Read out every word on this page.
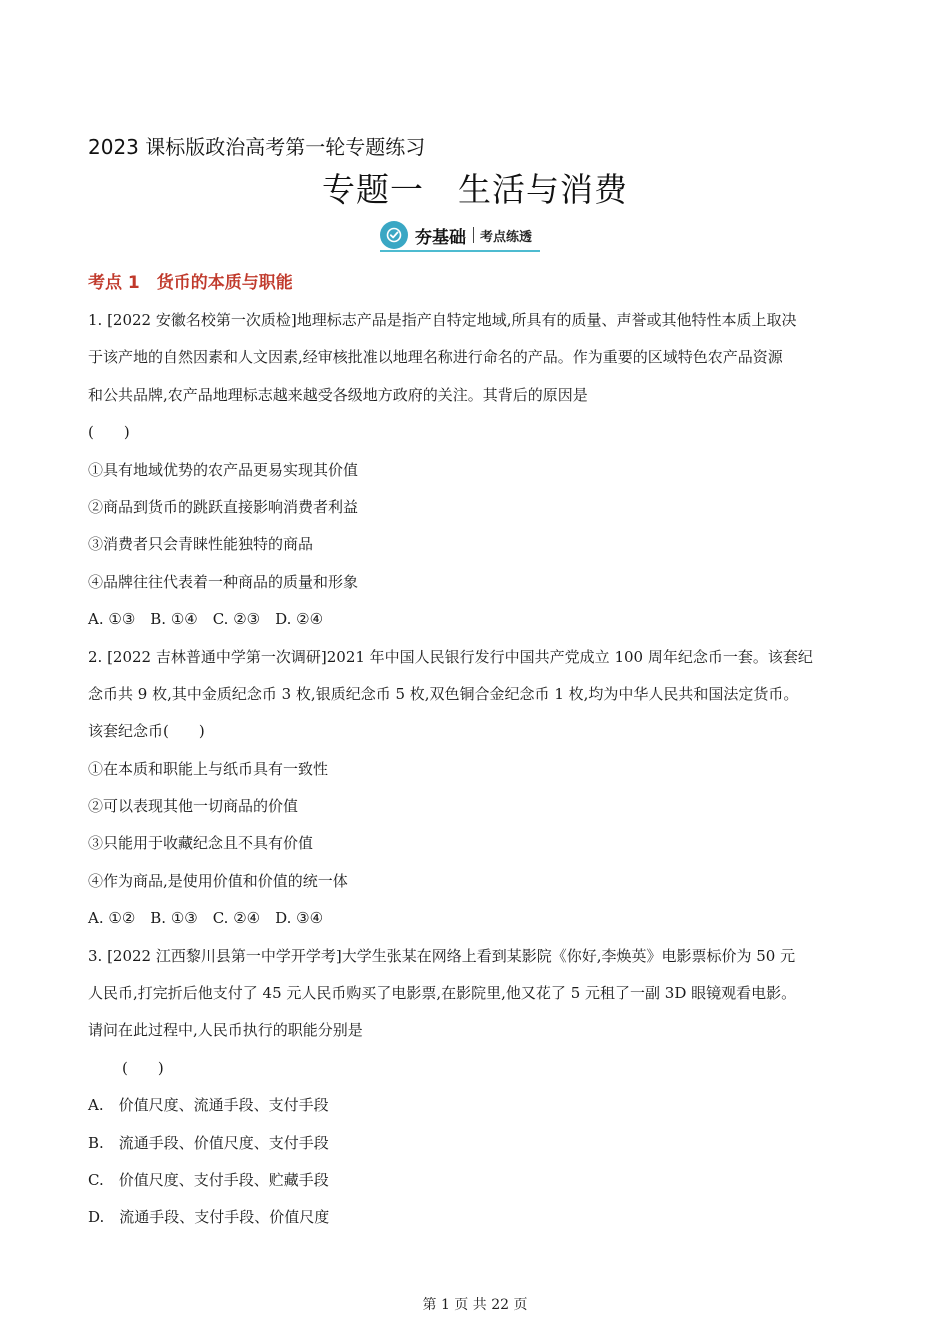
2023 课标版政治高考第一轮专题练习
专题一　生活与消费
夯基础 考点练透
考点 1　货币的本质与职能
1. [2022 安徽名校第一次质检]地理标志产品是指产自特定地域,所具有的质量、声誉或其他特性本质上取决
于该产地的自然因素和人文因素,经审核批准以地理名称进行命名的产品。作为重要的区域特色农产品资源
和公共品牌,农产品地理标志越来越受各级地方政府的关注。其背后的原因是
(　　)
①具有地域优势的农产品更易实现其价值
②商品到货币的跳跃直接影响消费者利益
③消费者只会青睐性能独特的商品
④品牌往往代表着一种商品的质量和形象
A. ①③　B. ①④　C. ②③　D. ②④
2. [2022 吉林普通中学第一次调研]2021 年中国人民银行发行中国共产党成立 100 周年纪念币一套。该套纪
念币共 9 枚,其中金质纪念币 3 枚,银质纪念币 5 枚,双色铜合金纪念币 1 枚,均为中华人民共和国法定货币。
该套纪念币(　　)
①在本质和职能上与纸币具有一致性
②可以表现其他一切商品的价值
③只能用于收藏纪念且不具有价值
④作为商品,是使用价值和价值的统一体
A. ①②　B. ①③　C. ②④　D. ③④
3. [2022 江西黎川县第一中学开学考]大学生张某在网络上看到某影院《你好,李焕英》电影票标价为 50 元
人民币,打完折后他支付了 45 元人民币购买了电影票,在影院里,他又花了 5 元租了一副 3D 眼镜观看电影。
请问在此过程中,人民币执行的职能分别是
(　　)
A.　价值尺度、流通手段、支付手段
B.　流通手段、价值尺度、支付手段
C.　价值尺度、支付手段、贮藏手段
D.　流通手段、支付手段、价值尺度
第 1 页 共 22 页
